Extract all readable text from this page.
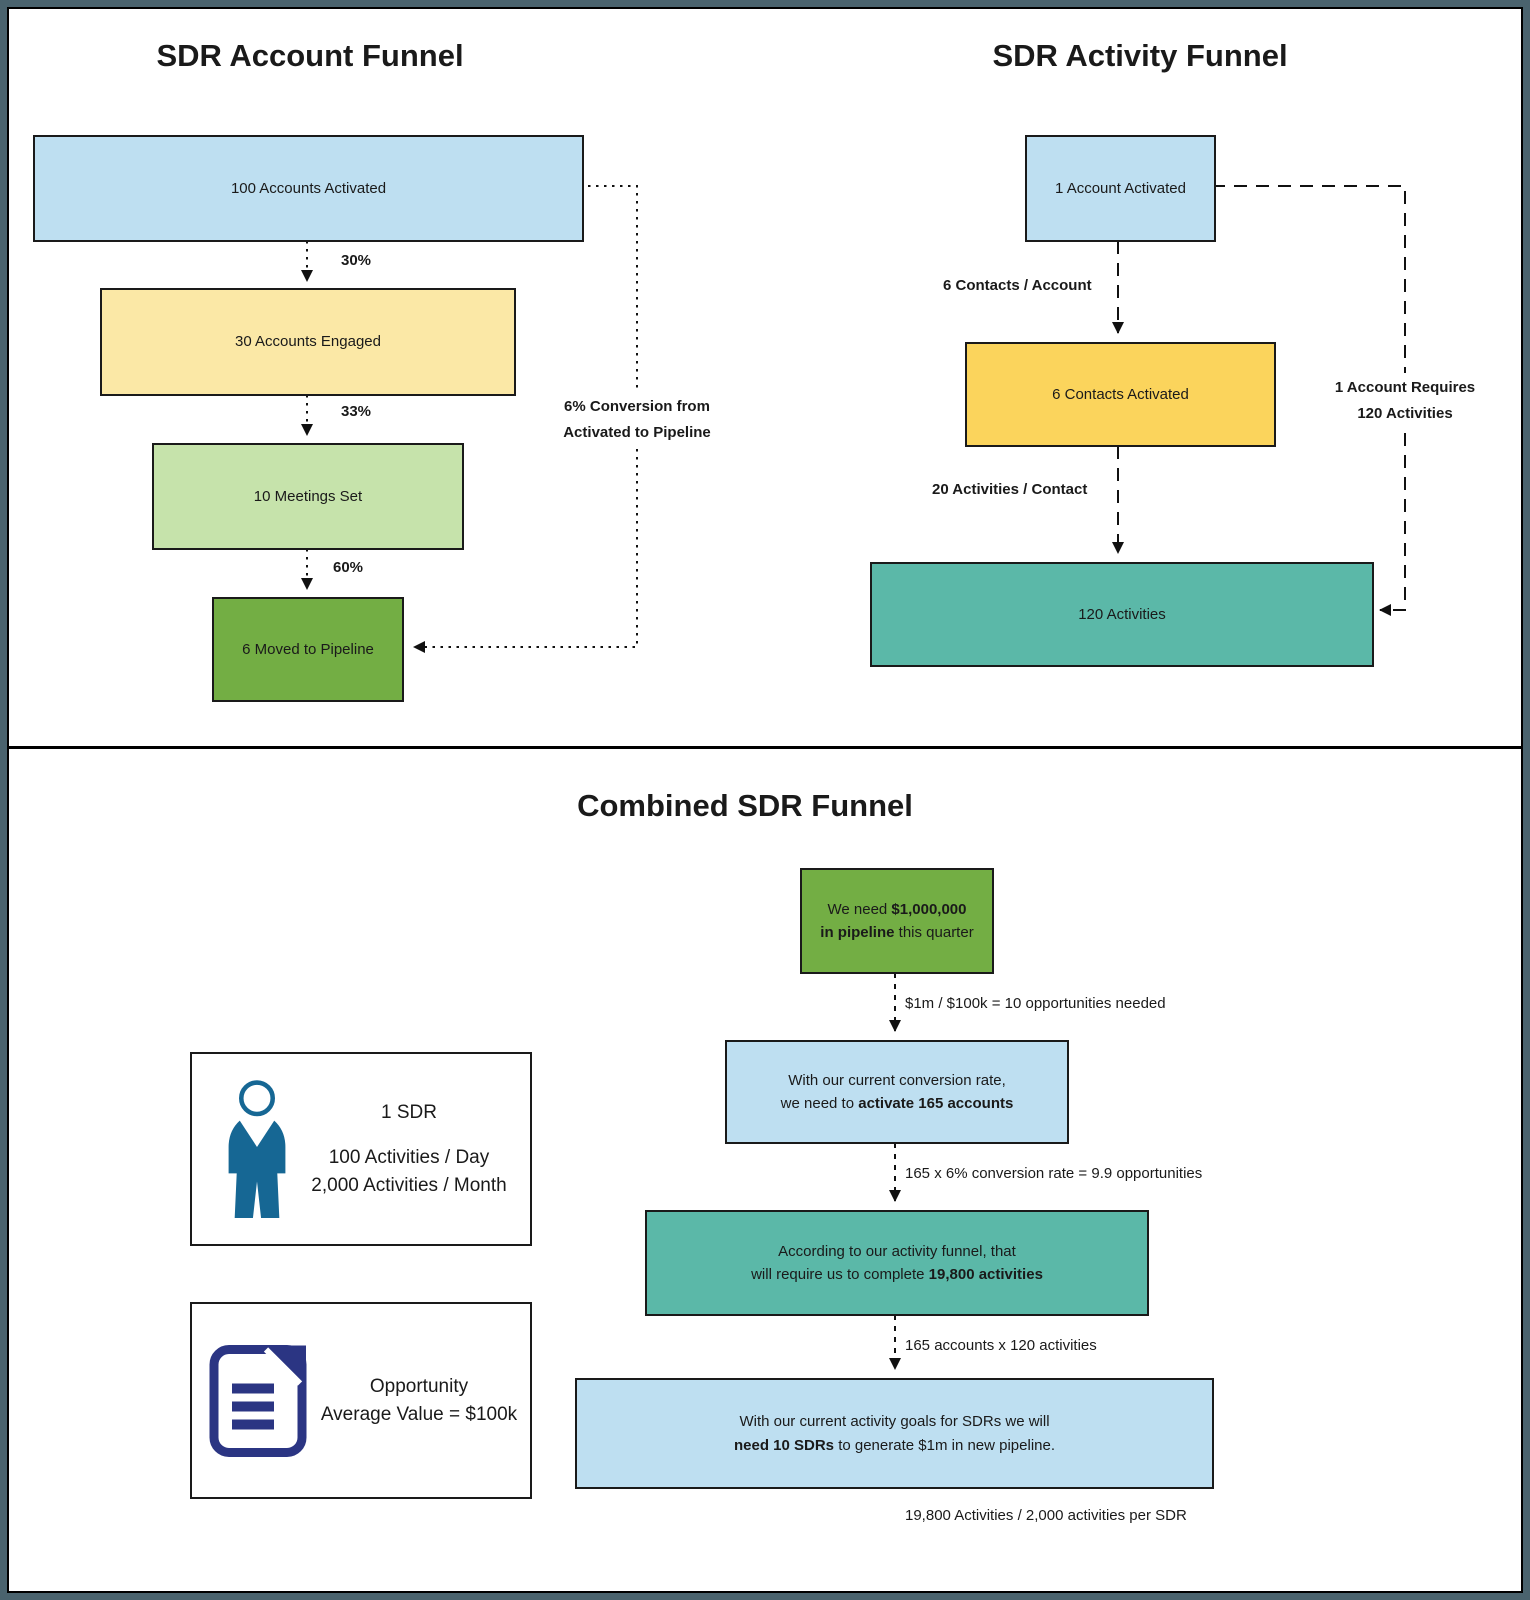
SDR Account Funnel
100 Accounts Activated
30%
30 Accounts Engaged
33%
10 Meetings Set
60%
6 Moved to Pipeline
6% Conversion from
Activated to Pipeline
SDR Activity Funnel
1 Account Activated
6 Contacts / Account
6 Contacts Activated
20 Activities / Contact
120 Activities
1 Account Requires
120 Activities
Combined SDR Funnel
We need $1,000,000
in pipeline this quarter
$1m / $100k = 10 opportunities needed
With our current conversion rate,
we need to activate 165 accounts
165 x 6% conversion rate = 9.9 opportunities
According to our activity funnel, that
will require us to complete 19,800 activities
165 accounts x 120 activities
With our current activity goals for SDRs we will
need 10 SDRs to generate $1m in new pipeline.
19,800 Activities / 2,000 activities per SDR
1 SDR
100 Activities / Day
2,000 Activities / Month
Opportunity
Average Value = $100k
